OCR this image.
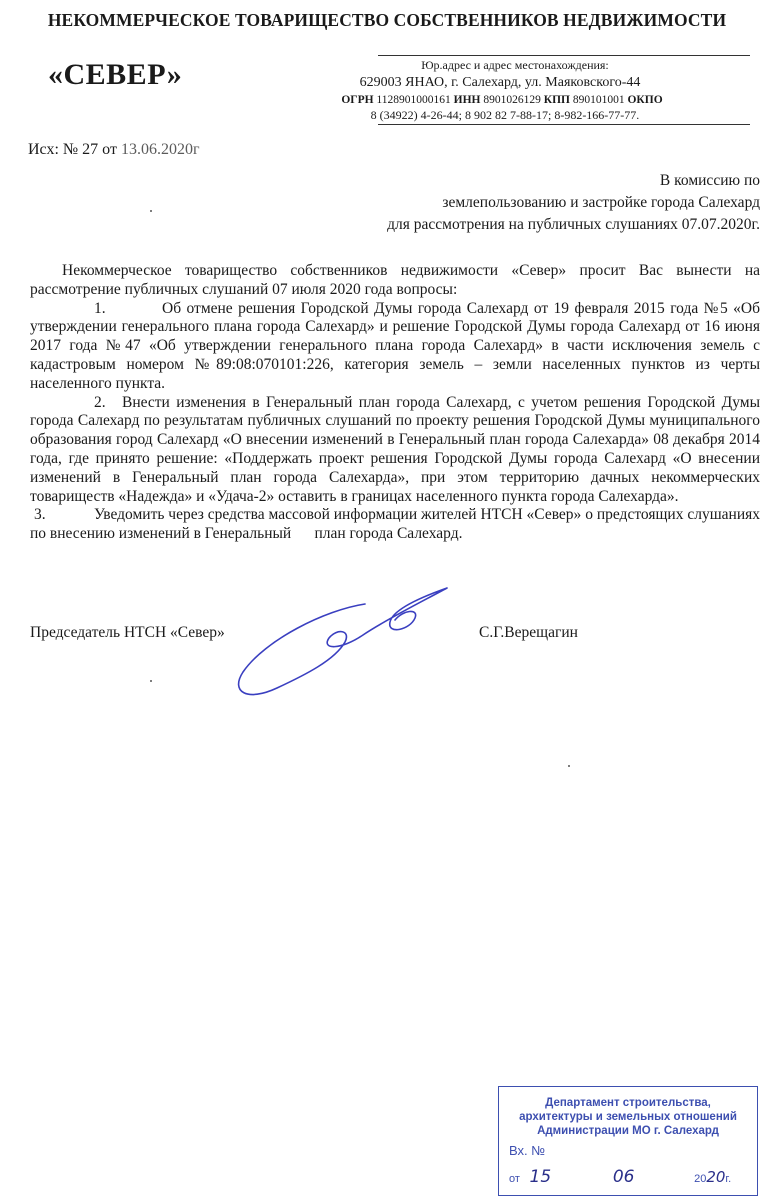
НЕКОММЕРЧЕСКОЕ ТОВАРИЩЕСТВО СОБСТВЕННИКОВ НЕДВИЖИМОСТИ
«СЕВЕР»	Юр.адрес и адрес местонахождения:
629003 ЯНАО, г. Салехард, ул. Маяковского-44
ОГРН 1128901000161 ИНН 8901026129 КПП 890101001 ОКПО
8 (34922) 4-26-44; 8 902 82 7-88-17; 8-982-166-77-77.
Исх: № 27 от 13.06.2020г
В комиссию по
землепользованию и застройке города Салехард
для рассмотрения на публичных слушаниях 07.07.2020г.

Некоммерческое товарищество собственников недвижимости «Север» просит Вас вынести на рассмотрение публичных слушаний 07 июля 2020 года вопросы:

1.	Об отмене решения Городской Думы города Салехард от 19 февраля 2015 года №5 «Об утверждении генерального плана города Салехард» и решение Городской Думы города Салехард от 16 июня 2017 года №47 «Об утверждении генерального плана города Салехард» в части исключения земель с кадастровым номером №89:08:070101:226, категория земель – земли населенных пунктов из черты населенного пункта.

2. Внести изменения в Генеральный план города Салехард, с учетом решения Городской Думы города Салехард по результатам публичных слушаний по проекту решения Городской Думы муниципального образования город Салехард «О внесении изменений в Генеральный план города Салехарда» 08 декабря 2014 года, где принято решение: «Поддержать проект решения Городской Думы города Салехард «О внесении изменений в Генеральный план города Салехарда», при этом территорию дачных некоммерческих товариществ «Надежда» и «Удача-2» оставить в границах населенного пункта города Салехарда».

3.	Уведомить через средства массовой информации жителей НТСН «Север» о предстоящих слушаниях по внесению изменений в Генеральный      план города Салехард.

Председатель НТСН «Север»	С.Г.Верещагин
Департамент строительства,
архитектуры и земельных отношений
Администрации МО г. Салехард
Вх. №
от 15	06	2020г.
